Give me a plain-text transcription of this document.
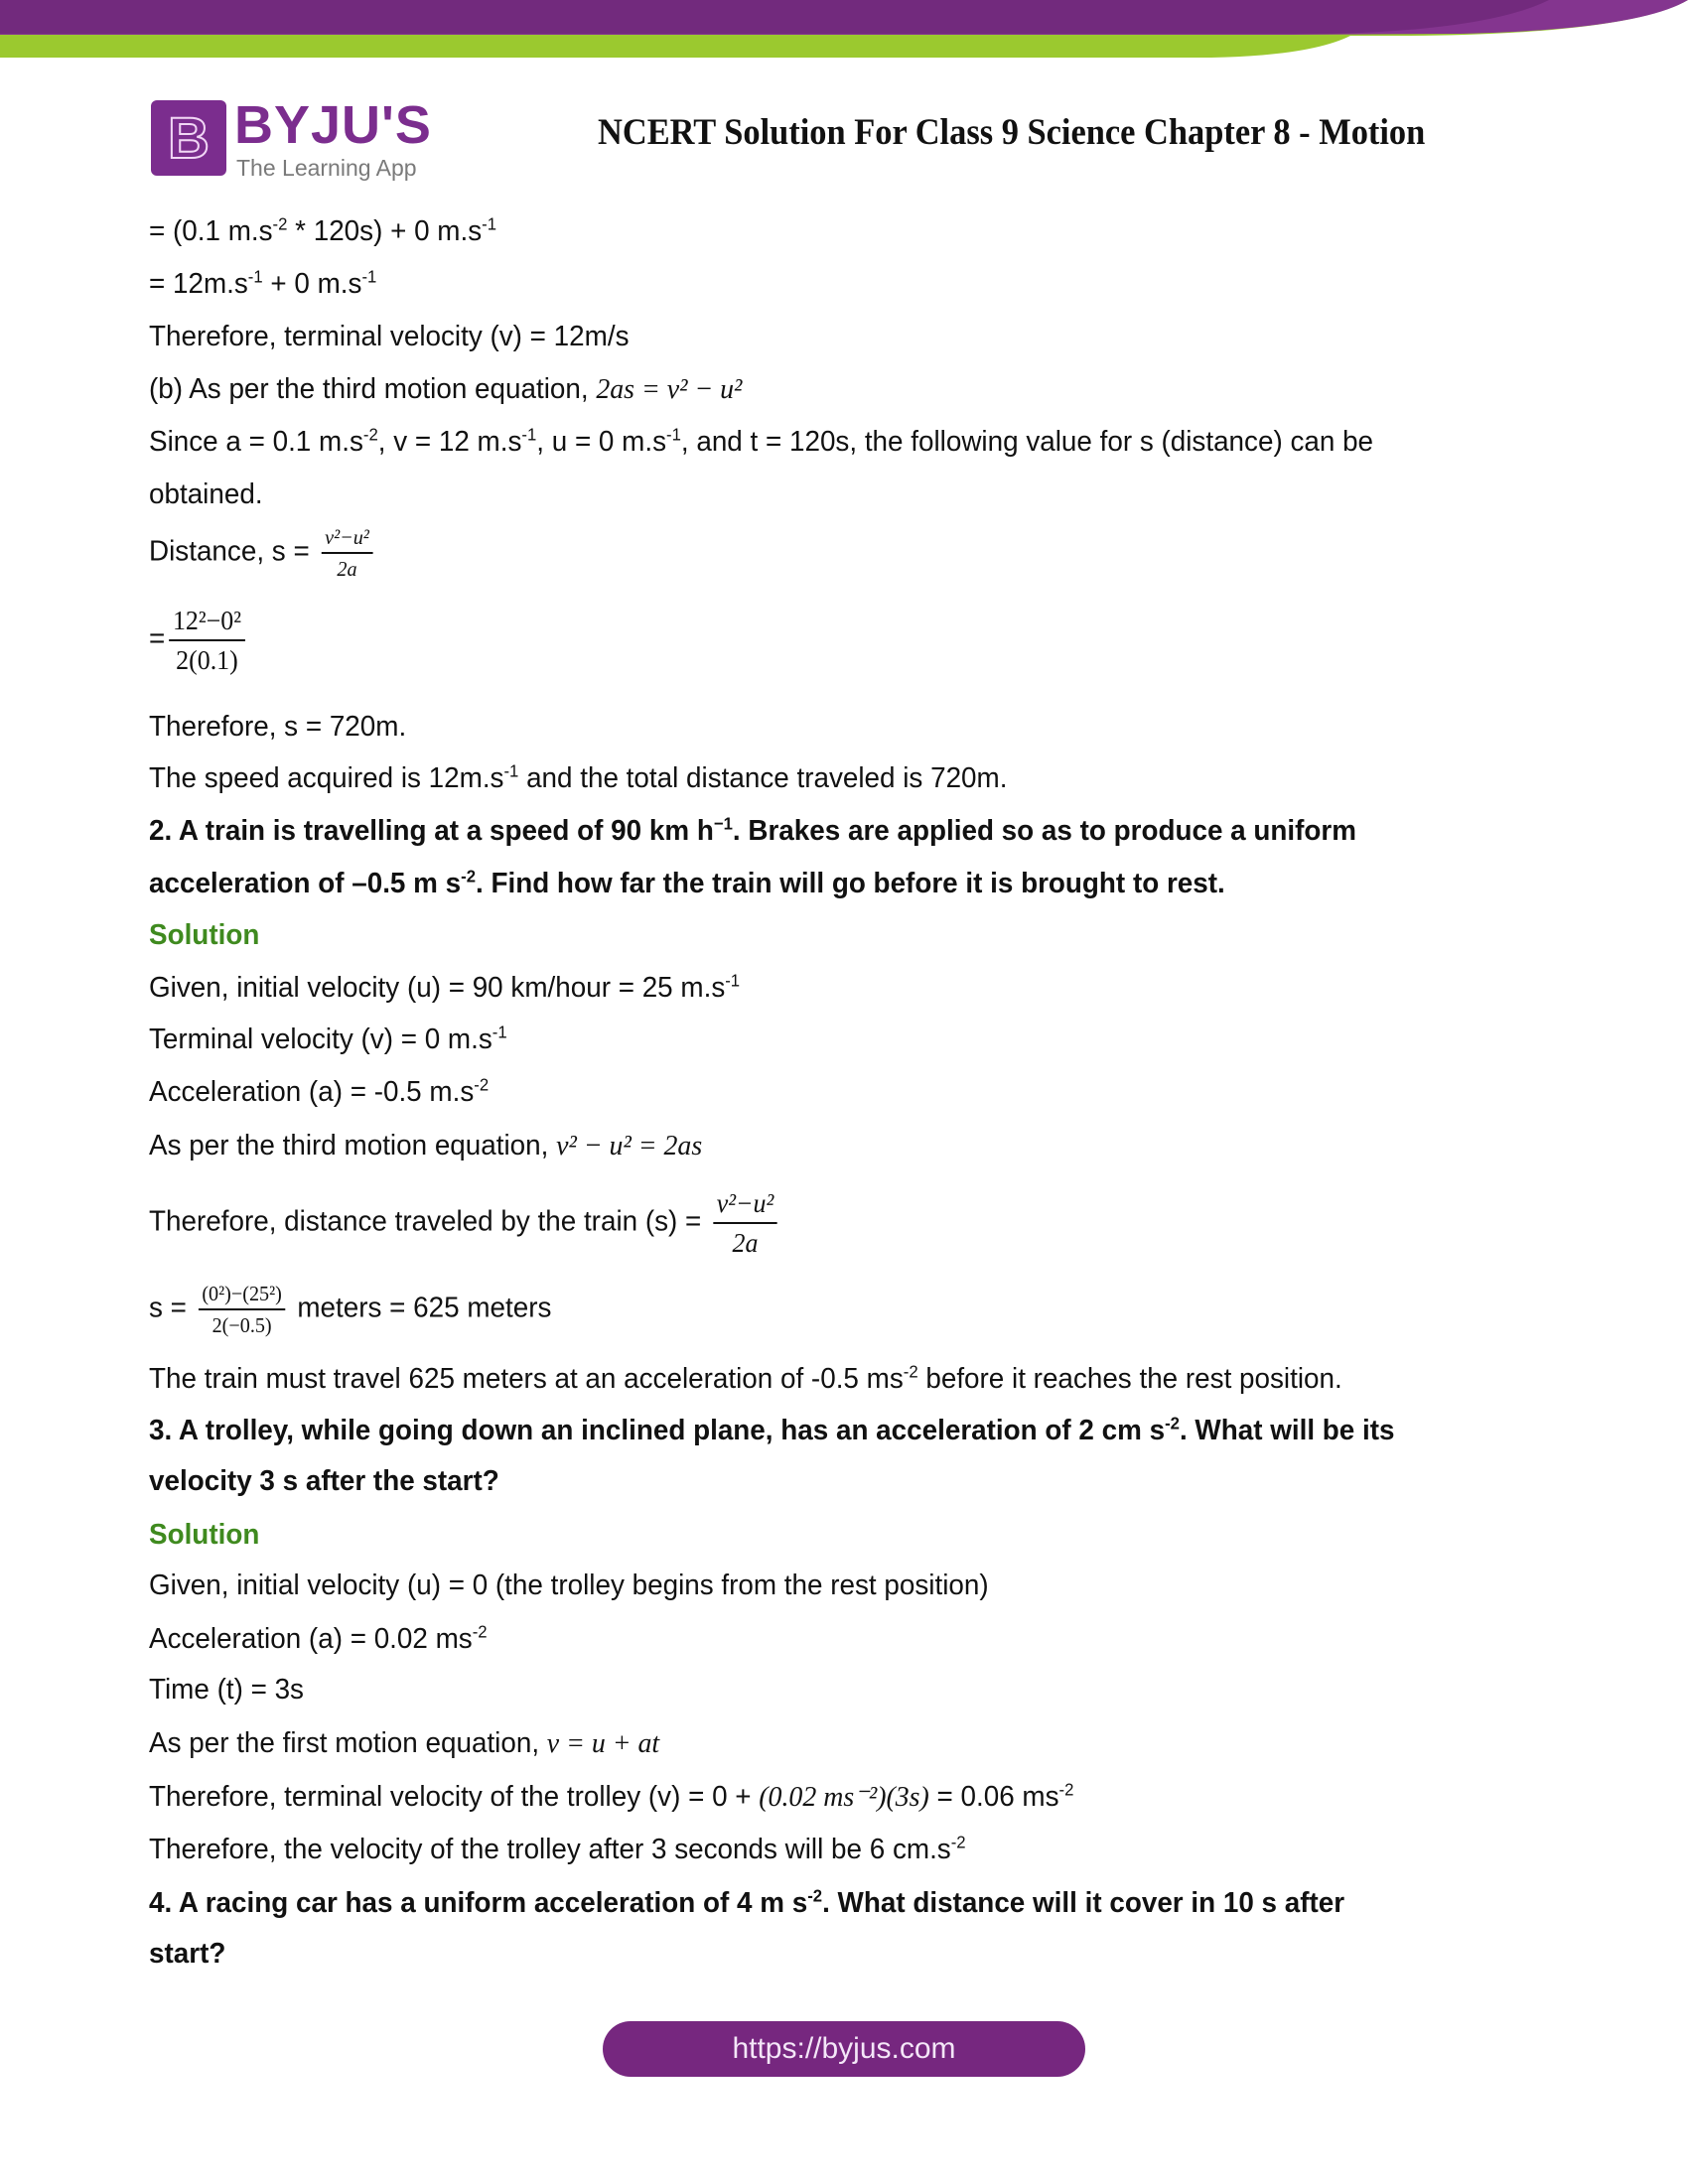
B BYJU'S
The Learning App
NCERT Solution For Class 9 Science Chapter 8 - Motion
= (0.1 $m.s^{-2} * 120s) + 0$ $m.s^{-1}$
= $12m.s^{-1} + 0$ $m.s^{-1}$
Therefore, terminal velocity (v) = 12m/s
(b) As per the third motion equation, 2as = v² − u²
Since a = 0.1 $m.s^{-2}$, v = 12 $m.s^{-1}$, u = 0 $m.s^{-1}$, and t = 120s, the following value for s (distance) can be
obtained.
Distance, $s = \frac{\text{v²−u²}}{2a}$
= $\frac{\text{12²−0²}}{2(0.1)}$
Therefore, s = 720m.
The speed acquired is $12m.s^{-1}$ and the total distance traveled is 720m.
2. A train is travelling at a speed of 90 km $h^{-1}$. Brakes are applied so as to produce a uniform
acceleration of –0.5 m $s^{-2}$. Find how far the train will go before it is brought to rest.
Solution
Given, initial velocity (u) = 90 km/hour = 25 $m.s^{-1}$
Terminal velocity (v) = 0 $m.s^{-1}$
Acceleration (a) = -0.5 $m.s^{-2}$
As per the third motion equation, v² − u² = 2as
Therefore, distance traveled by the train $(s) = \frac{\text{v²−u²}}{2a}$
$s = \frac{\text{(0²)−(25²)}}{2(-0.5)}$ meters = 625 meters
The train must travel 625 meters at an acceleration of -0.5 $ms^{-2}$ before it reaches the rest position.
3. A trolley, while going down an inclined plane, has an acceleration of 2 cm $s^{-2}$. What will be its
velocity 3 s after the start?
Solution
Given, initial velocity (u) = 0 (the trolley begins from the rest position)
Acceleration (a) = 0.02 $ms^{-2}$
Time (t) = 3s
As per the first motion equation, v = u + at
Therefore, terminal velocity of the trolley (v) = 0 + (0.02 ms⁻²)(3s) = 0.06 $ms^{-2}$
Therefore, the velocity of the trolley after 3 seconds will be 6 $cm.s^{-2}$
4. A racing car has a uniform acceleration of 4 m $s^{-2}$. What distance will it cover in 10 s after
start?
https://byjus.com
